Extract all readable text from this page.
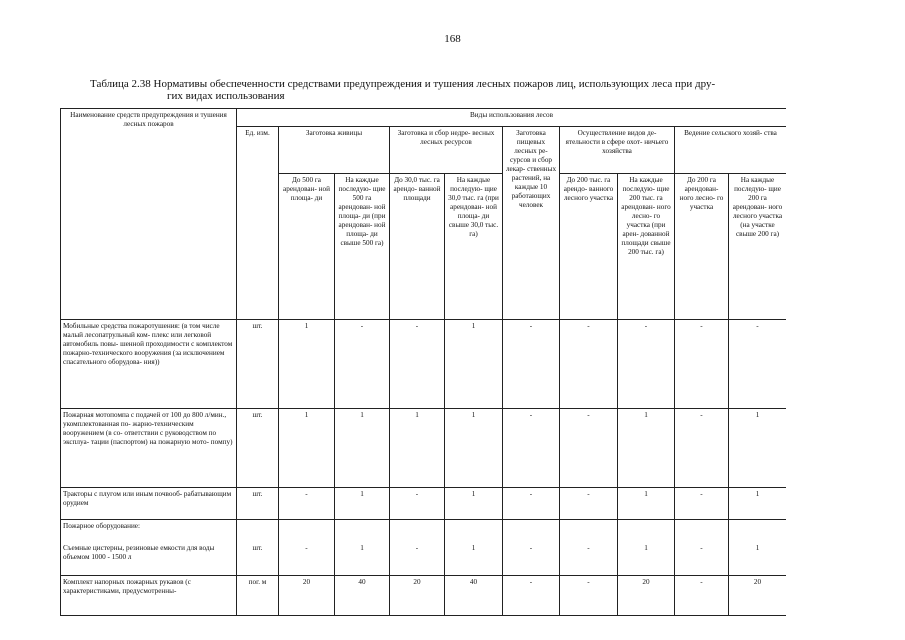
168
Таблица 2.38 Нормативы обеспеченности средствами предупреждения и тушения лесных пожаров лиц, использующих леса при дру-
гих видах использования
Наименование средств предупреждения и тушения лесных пожаров	Виды использования лесов									
	Ед. изм.	Заготовка живицы		Заготовка и сбор недре- весных лесных ресурсов		Заготовка пищевых лесных ре- сурсов и сбор лекар- ственных растений, на каждые 10 работающих человек	Осуществление видов де- ятельности в сфере охот- ничьего хозяйства		Ведение сельского хозяй- ства	
		До 500 га арендован- ной площа- ди	На каждые последую- щие 500 га арендован- ной площа- ди (при арендован- ной площа- ди свыше 500 га)	До 30,0 тыс. га арендо- ванной площади	На каждые последую- щие 30,0 тыс. га (при арендован- ной площа- ди свыше 30,0 тыс. га)		До 200 тыс. га арендо- ванного лесного участка	На каждые последую- щие 200 тыс. га арендован- ного лесно- го участка (при арен- дованной площади свыше 200 тыс. га)	До 200 га арендован- ного лесно- го участка	На каждые последую- щие 200 га арендован- ного лесного участка (на участке свыше 200 га)
Мобильные средства пожаротушения: (в том числе малый лесопатрульный ком- плекс или легковой автомобиль повы- шенной проходимости с комплектом пожарно-технического вооружения (за исключением спасательного оборудова- ния))	шт.	1	-	-	1	-	-	-	-	-
Пожарная мотопомпа с подачей от 100 до 800 л/мин., укомплектованная по- жарно-техническим вооружением (в со- ответствии с руководством по эксплуа- тации (паспортом) на пожарную мото- помпу)	шт.	1	1	1	1	-	-	1	-	1
Тракторы с плугом или иным почвооб- рабатывающим орудием	шт.	-	1	-	1	-	-	1	-	1
Пожарное оборудование:										
Съемные цистерны, резиновые емкости для воды объемом 1000 - 1500 л	шт.	-	1	-	1	-	-	1	-	1
Комплект напорных пожарных рукавов (с характеристиками, предусмотренны-	пог. м	20	40	20	40	-	-	20	-	20
